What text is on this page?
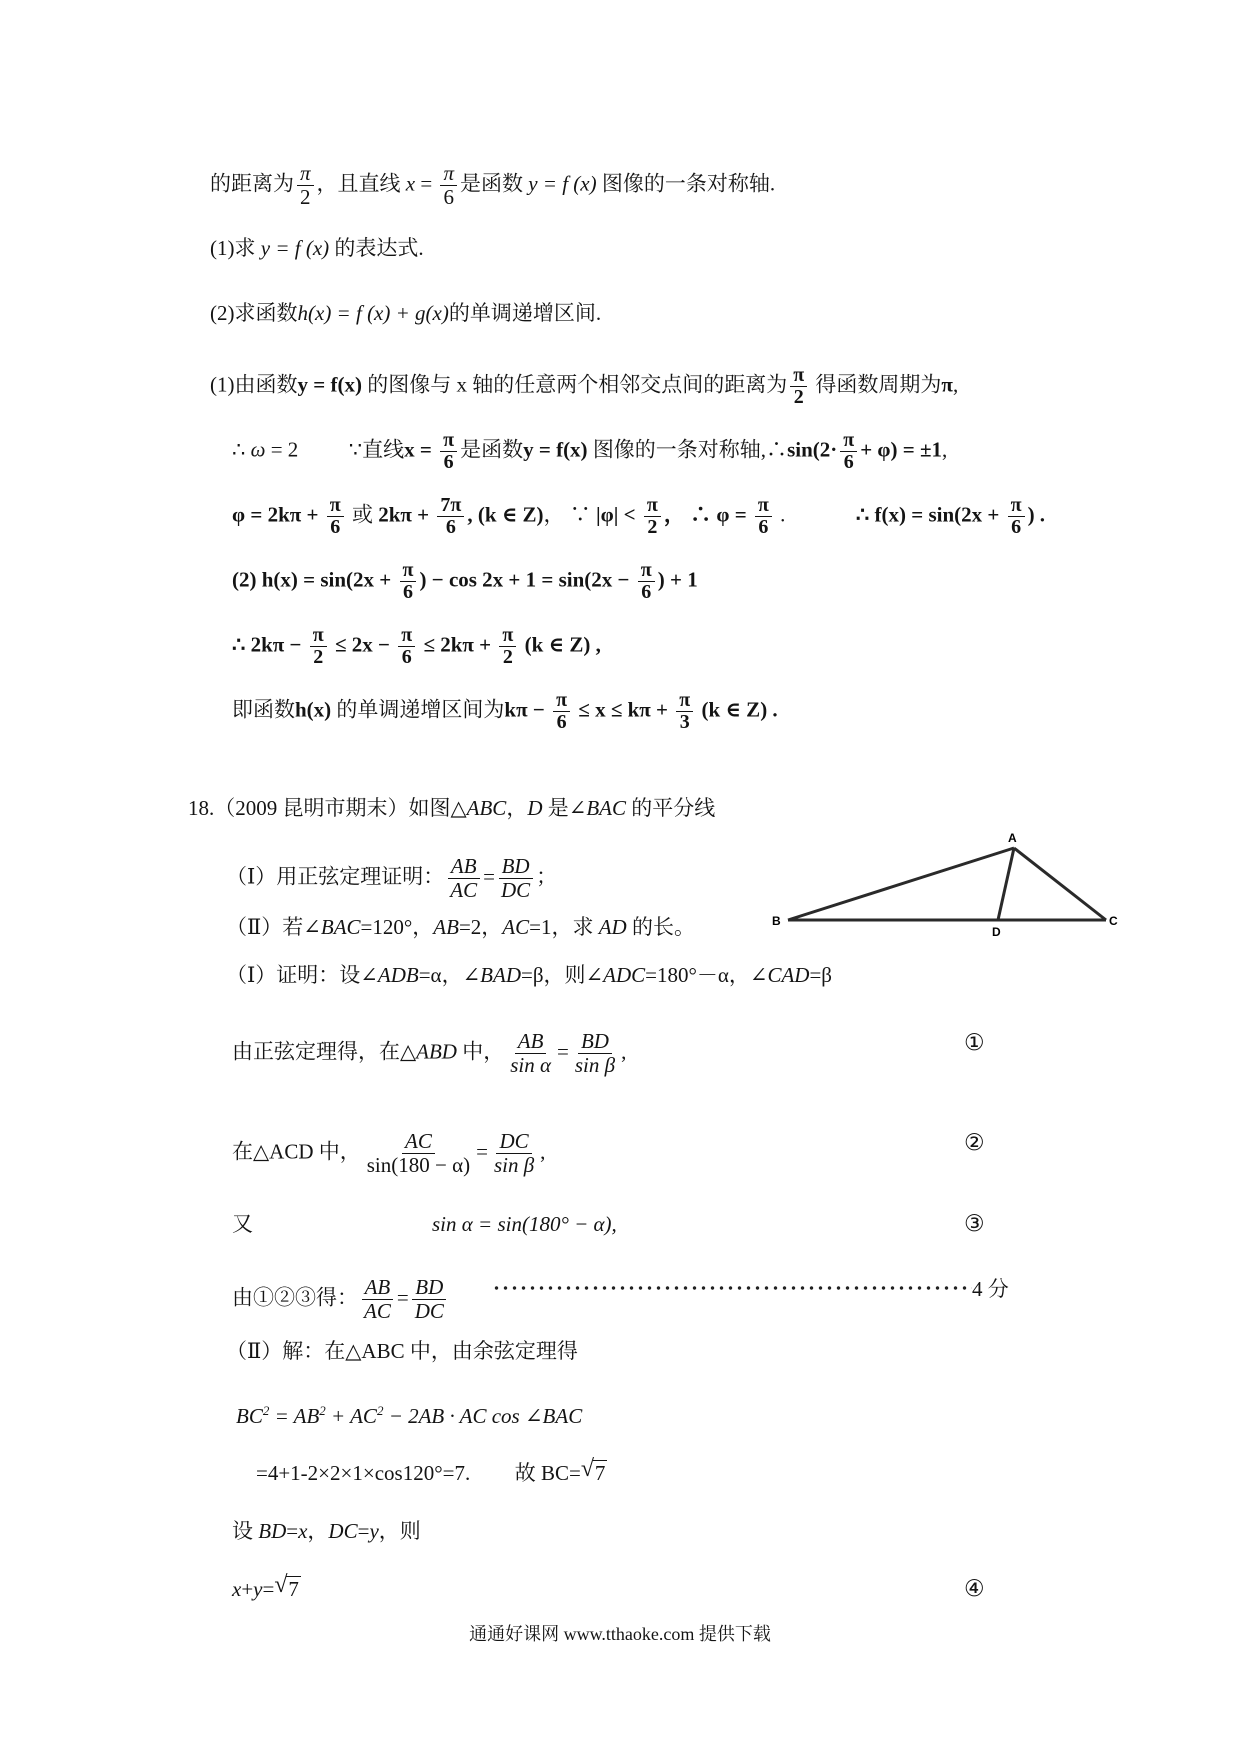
的距离为 $\frac{\pi}{2}$ ，且直线 $x = \frac{\pi}{6}$ 是函数 y = f (x) 图像的一条对称轴.
(1)求 y = f (x) 的表达式.
(2)求函数h(x) = f (x) + g(x)的单调递增区间.
(1)由函数y = f(x) 的图像与 x 轴的任意两个相邻交点间的距离为 $\frac{\pi}{2}$ 得函数周期为π,
∴ ω = 2 ∵直线$x = \frac{\pi}{6}$ 是函数y = f(x) 图像的一条对称轴,∴sin(2· $\frac{\pi}{6} + \varphi) = \pm 1$,
$\varphi = 2k\pi + \frac{\pi}{6}$ 或 $2k\pi + \frac{7\pi}{6}$ , (k ∈ Z)， ∵ $|\varphi| < \frac{\pi}{2}$ ， ∴ $\varphi = \frac{\pi}{6}$ .	∴ $f(x) = \sin(2x + \frac{\pi}{6}$ ) .
(2) $h(x) = \sin(2x + \frac{\pi}{6}$ ) − $\cos 2x + 1 = \sin(2x - \frac{\pi}{6}$ ) + 1
∴ $2k\pi - \frac{\pi}{2} \le 2x - \frac{\pi}{6} \le 2k\pi + \frac{\pi}{2} (k$ ∈ Z) ,
即函数h(x) 的单调递增区间为$k\pi - \frac{\pi}{6} \le x \le k\pi + \frac{\pi}{3} (k$ ∈ Z) .
18.（2009 昆明市期末）如图△ABC，D 是∠BAC 的平分线
（Ⅰ）用正弦定理证明： $\frac{AB}{AC} = \frac{BD}{DC}$ ；
（Ⅱ）若∠BAC=120°，AB=2，AC=1，求 AD 的长。
（Ⅰ）证明：设∠ADB=α，∠BAD=β，则∠ADC=180°－α，∠CAD=β
A
B	C
D
由正弦定理得，在△ABD 中， $\frac{AB}{\text{sin α}} = \frac{BD}{\text{sin β}}$ ,	①
在△ACD 中， $\frac{AC}{\sin(180 - \alpha)} = \frac{DC}{\text{sin β}}$ ,	②
又	sin α = sin(180° − α),	③
由①②③得： $\frac{AB}{AC} = \frac{BD}{DC}$	4 分
（Ⅱ）解：在△ABC 中，由余弦定理得
$BC^2 = AB^2 + AC^2 - 2AB$ · AC cos ∠BAC
=4+1-2×2×1×cos120°=7. 故 BC= √ 7
设 BD=x，DC=y，则
x+y= √ 7	④
通通好课网 www.tthaoke.com 提供下载
